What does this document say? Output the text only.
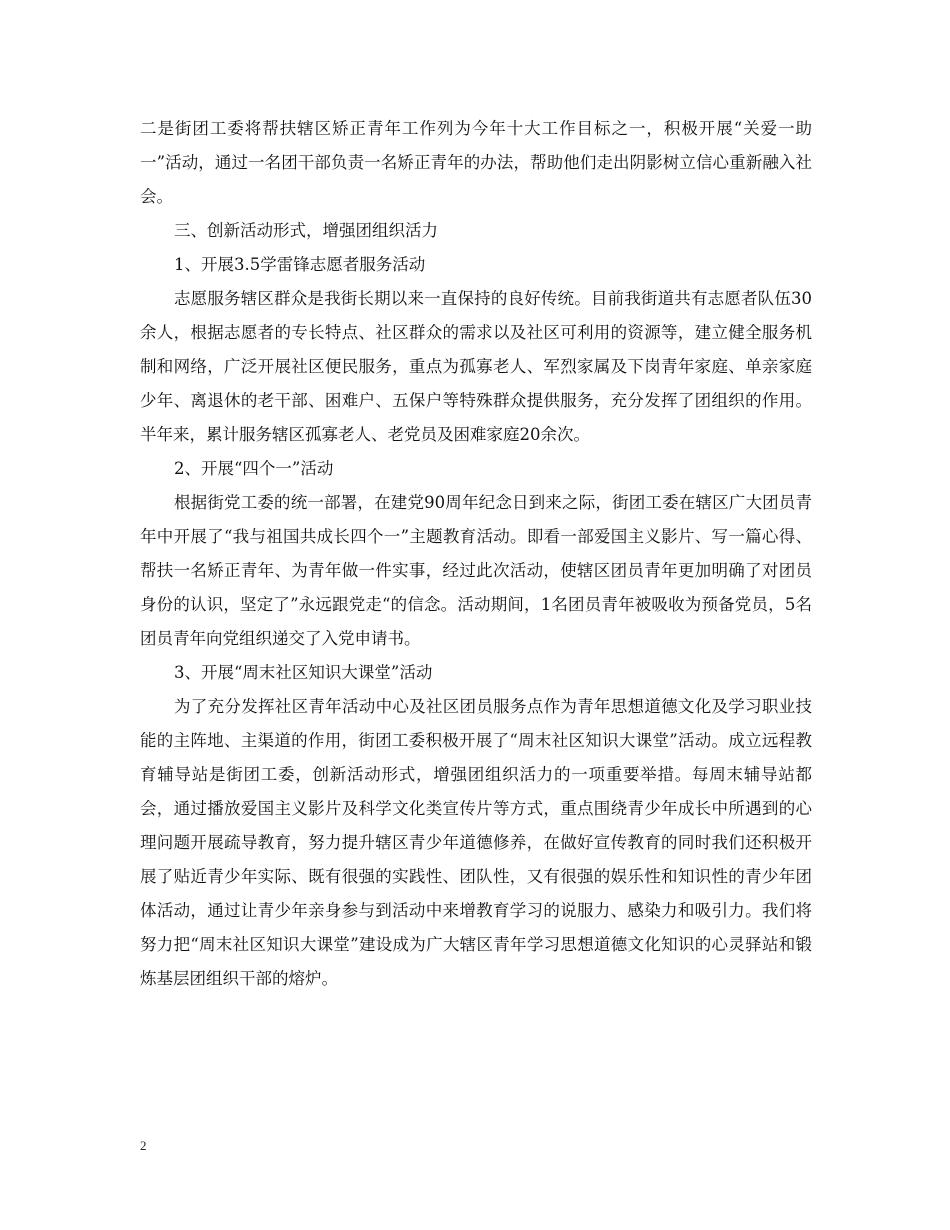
二是街团工委将帮扶辖区矫正青年工作列为今年十大工作目标之一，积极开展“关爱一助一”活动，通过一名团干部负责一名矫正青年的办法，帮助他们走出阴影树立信心重新融入社会。

三、创新活动形式，增强团组织活力

1、开展3.5学雷锋志愿者服务活动

志愿服务辖区群众是我街长期以来一直保持的良好传统。目前我街道共有志愿者队伍30余人，根据志愿者的专长特点、社区群众的需求以及社区可利用的资源等，建立健全服务机制和网络，广泛开展社区便民服务，重点为孤寡老人、军烈家属及下岗青年家庭、单亲家庭少年、离退休的老干部、困难户、五保户等特殊群众提供服务，充分发挥了团组织的作用。半年来，累计服务辖区孤寡老人、老党员及困难家庭20余次。

2、开展“四个一”活动

根据街党工委的统一部署，在建党90周年纪念日到来之际，街团工委在辖区广大团员青年中开展了“我与祖国共成长四个一”主题教育活动。即看一部爱国主义影片、写一篇心得、帮扶一名矫正青年、为青年做一件实事，经过此次活动，使辖区团员青年更加明确了对团员身份的认识，坚定了”永远跟党走“的信念。活动期间，1名团员青年被吸收为预备党员，5名团员青年向党组织递交了入党申请书。

3、开展“周末社区知识大课堂”活动

为了充分发挥社区青年活动中心及社区团员服务点作为青年思想道德文化及学习职业技能的主阵地、主渠道的作用，街团工委积极开展了“周末社区知识大课堂”活动。成立远程教育辅导站是街团工委，创新活动形式，增强团组织活力的一项重要举措。每周末辅导站都会，通过播放爱国主义影片及科学文化类宣传片等方式，重点围绕青少年成长中所遇到的心理问题开展疏导教育，努力提升辖区青少年道德修养，在做好宣传教育的同时我们还积极开展了贴近青少年实际、既有很强的实践性、团队性，又有很强的娱乐性和知识性的青少年团体活动，通过让青少年亲身参与到活动中来增教育学习的说服力、感染力和吸引力。我们将努力把“周末社区知识大课堂”建设成为广大辖区青年学习思想道德文化知识的心灵驿站和锻炼基层团组织干部的熔炉。

2
